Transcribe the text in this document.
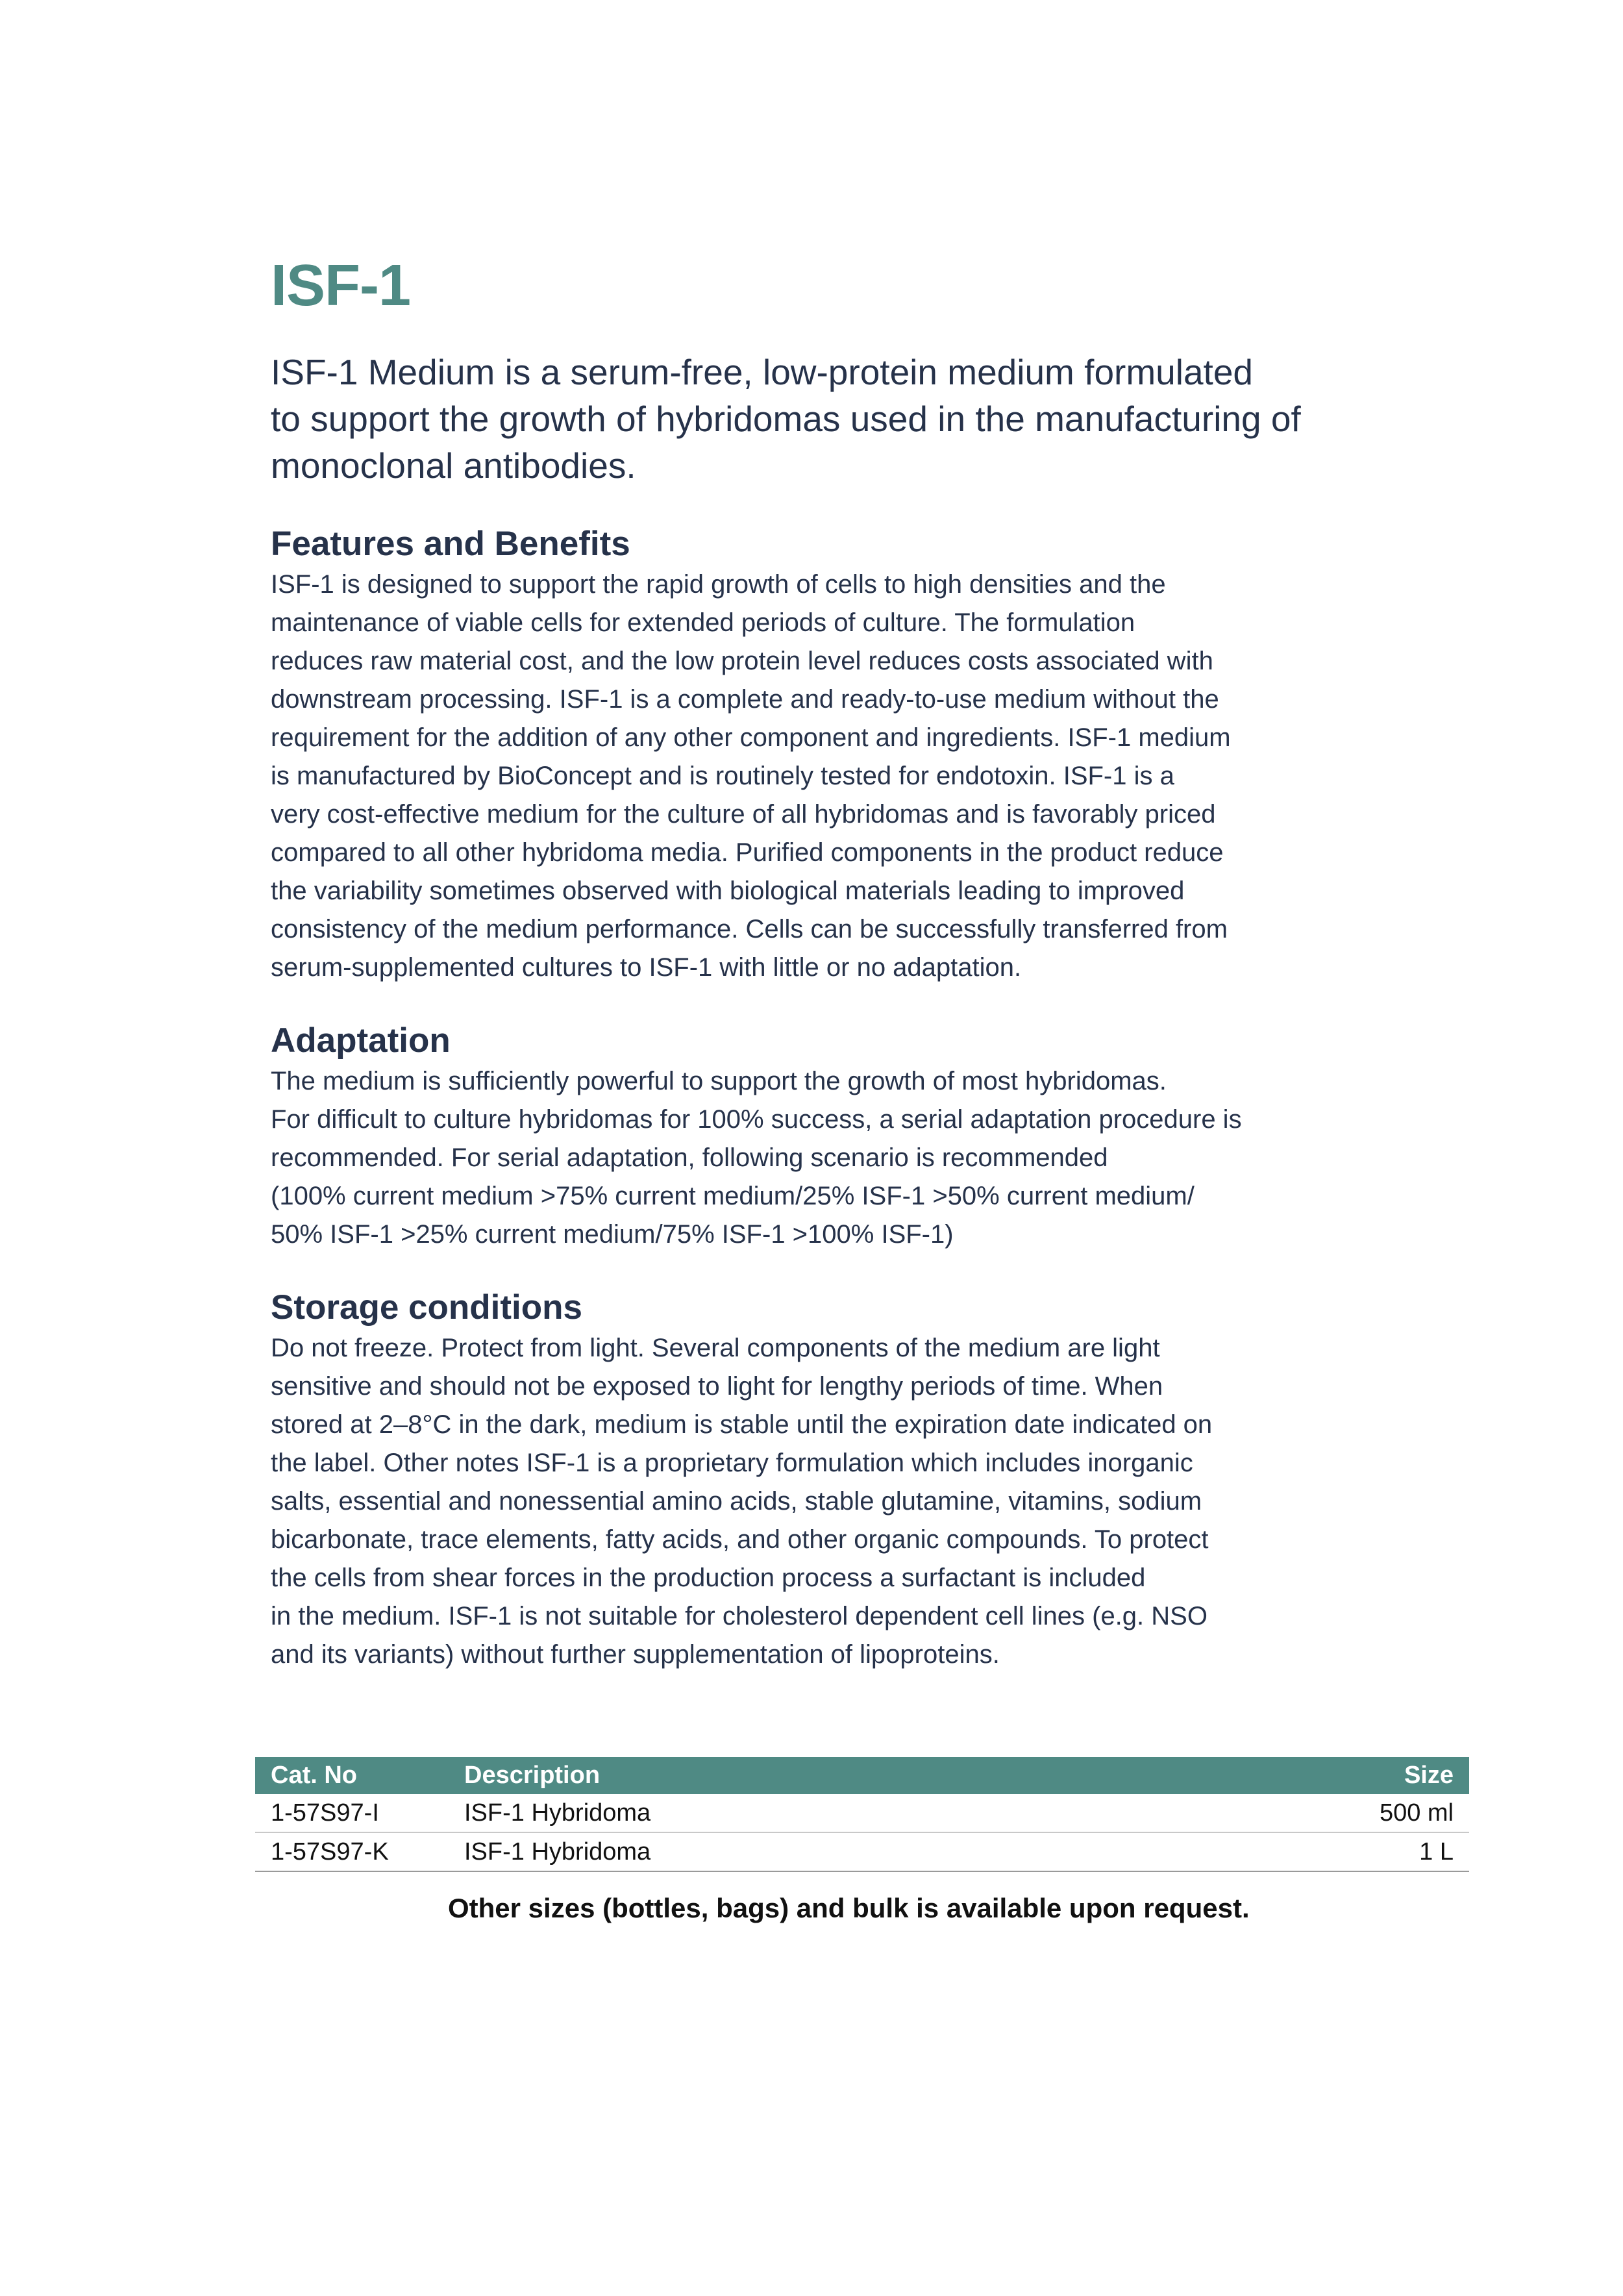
ISF-1

ISF-1 Medium is a serum-free, low-protein medium formulated
to support the growth of hybridomas used in the manufacturing of
monoclonal antibodies.

Features and Benefits

ISF-1 is designed to support the rapid growth of cells to high densities and the
maintenance of viable cells for extended periods of culture. The formulation
reduces raw material cost, and the low protein level reduces costs associated with
downstream processing. ISF-1 is a complete and ready-to-use medium without the
requirement for the addition of any other component and ingredients. ISF-1 medium
is manufactured by BioConcept and is routinely tested for endotoxin. ISF-1 is a
very cost-effective medium for the culture of all hybridomas and is favorably priced
compared to all other hybridoma media. Purified components in the product reduce
the variability sometimes observed with biological materials leading to improved
consistency of the medium performance. Cells can be successfully transferred from
serum-supplemented cultures to ISF-1 with little or no adaptation.

Adaptation

The medium is sufficiently powerful to support the growth of most hybridomas.
For difficult to culture hybridomas for 100% success, a serial adaptation procedure is
recommended. For serial adaptation, following scenario is recommended
(100% current medium >75% current medium/25% ISF-1 >50% current medium/
50% ISF-1 >25% current medium/75% ISF-1 >100% ISF-1)

Storage conditions

Do not freeze. Protect from light. Several components of the medium are light
sensitive and should not be exposed to light for lengthy periods of time. When
stored at 2–8°C in the dark, medium is stable until the expiration date indicated on
the label. Other notes ISF-1 is a proprietary formulation which includes inorganic
salts, essential and nonessential amino acids, stable glutamine, vitamins, sodium
bicarbonate, trace elements, fatty acids, and other organic compounds. To protect
the cells from shear forces in the production process a surfactant is included
in the medium. ISF-1 is not suitable for cholesterol dependent cell lines (e.g. NSO
and its variants) without further supplementation of lipoproteins.

Cat. No	Description	Size
1-57S97-I	ISF-1 Hybridoma	500 ml
1-57S97-K	ISF-1 Hybridoma	1 L
Other sizes (bottles, bags) and bulk is available upon request.
